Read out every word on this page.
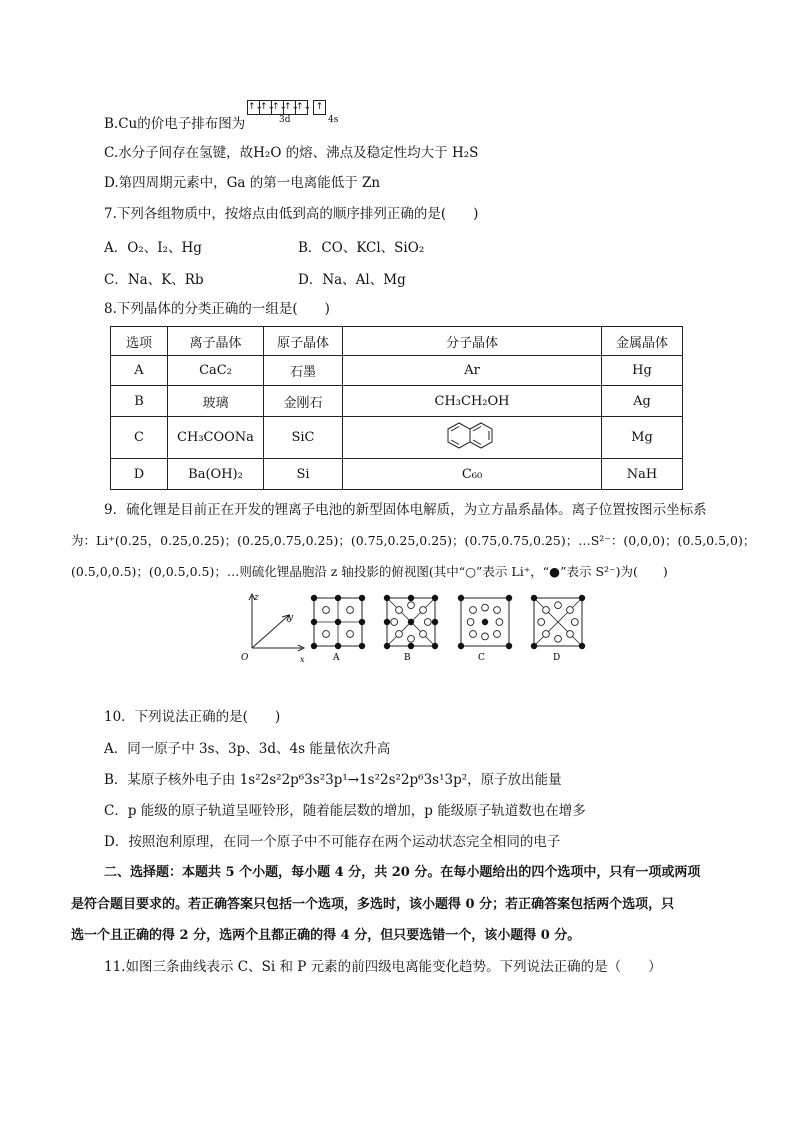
B.Cu的价电子排布图为
↑↓↑↓↑↓↑↓↑↓ ↑
3d	4s
C.水分子间存在氢键，故H₂O 的熔、沸点及稳定性均大于 H₂S
D.第四周期元素中，Ga 的第一电离能低于 Zn
7.下列各组物质中，按熔点由低到高的顺序排列正确的是(　　)
A．O₂、I₂、Hg	B．CO、KCl、SiO₂
C．Na、K、Rb	D．Na、Al、Mg
8.下列晶体的分类正确的一组是(　　)
选项	离子晶体	原子晶体	分子晶体	金属晶体
A	CaC₂	石墨	Ar	Hg
B	玻璃	金刚石	CH₃CH₂OH	Ag
C	CH₃COONa	SiC		Mg
D	Ba(OH)₂	Si	C₆₀	NaH
9．硫化锂是目前正在开发的锂离子电池的新型固体电解质，为立方晶系晶体。离子位置按图示坐标系
为：Li⁺(0.25，0.25,0.25)；(0.25,0.75,0.25)；(0.75,0.25,0.25)；(0.75,0.75,0.25)；…S²⁻：(0,0,0)；(0.5,0.5,0)；
(0.5,0,0.5)；(0,0.5,0.5)；…则硫化锂晶胞沿 z 轴投影的俯视图(其中“○”表示 Li⁺，“●”表示 S²⁻)为(　　)
z
y
O	x	A	B	C	D
10．下列说法正确的是(　　)
A．同一原子中 3s、3p、3d、4s 能量依次升高
B．某原子核外电子由 1s²2s²2p⁶3s²3p¹→1s²2s²2p⁶3s¹3p²，原子放出能量
C．p 能级的原子轨道呈哑铃形，随着能层数的增加，p 能级原子轨道数也在增多
D．按照泡利原理，在同一个原子中不可能存在两个运动状态完全相同的电子
二、选择题：本题共 5 个小题，每小题 4 分，共 20 分。在每小题给出的四个选项中，只有一项或两项
是符合题目要求的。若正确答案只包括一个选项，多选时，该小题得 0 分；若正确答案包括两个选项，只
选一个且正确的得 2 分，选两个且都正确的得 4 分，但只要选错一个，该小题得 0 分。
11.如图三条曲线表示 C、Si 和 P 元素的前四级电离能变化趋势。下列说法正确的是（　　）
